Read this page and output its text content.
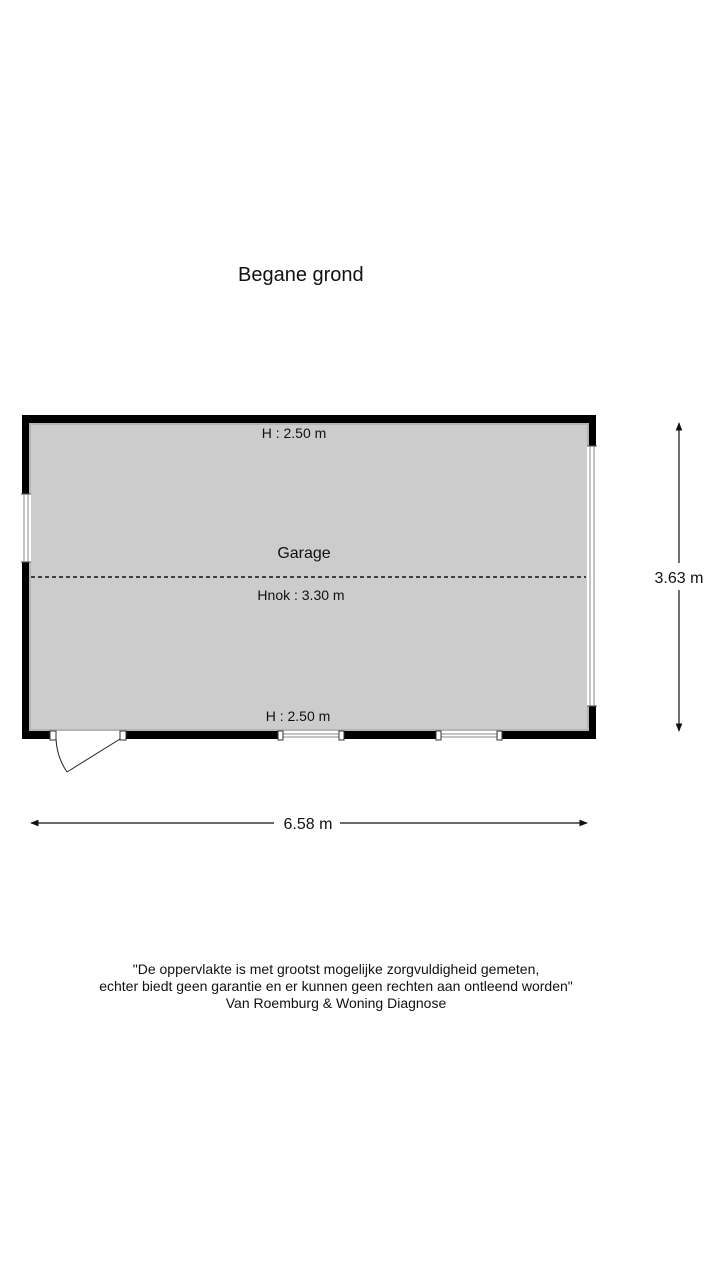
Begane grond
H : 2.50 m
Garage
Hnok : 3.30 m
H : 2.50 m
6.58 m
3.63 m
"De oppervlakte is met grootst mogelijke zorgvuldigheid gemeten,
echter biedt geen garantie en er kunnen geen rechten aan ontleend worden"
Van Roemburg & Woning Diagnose
